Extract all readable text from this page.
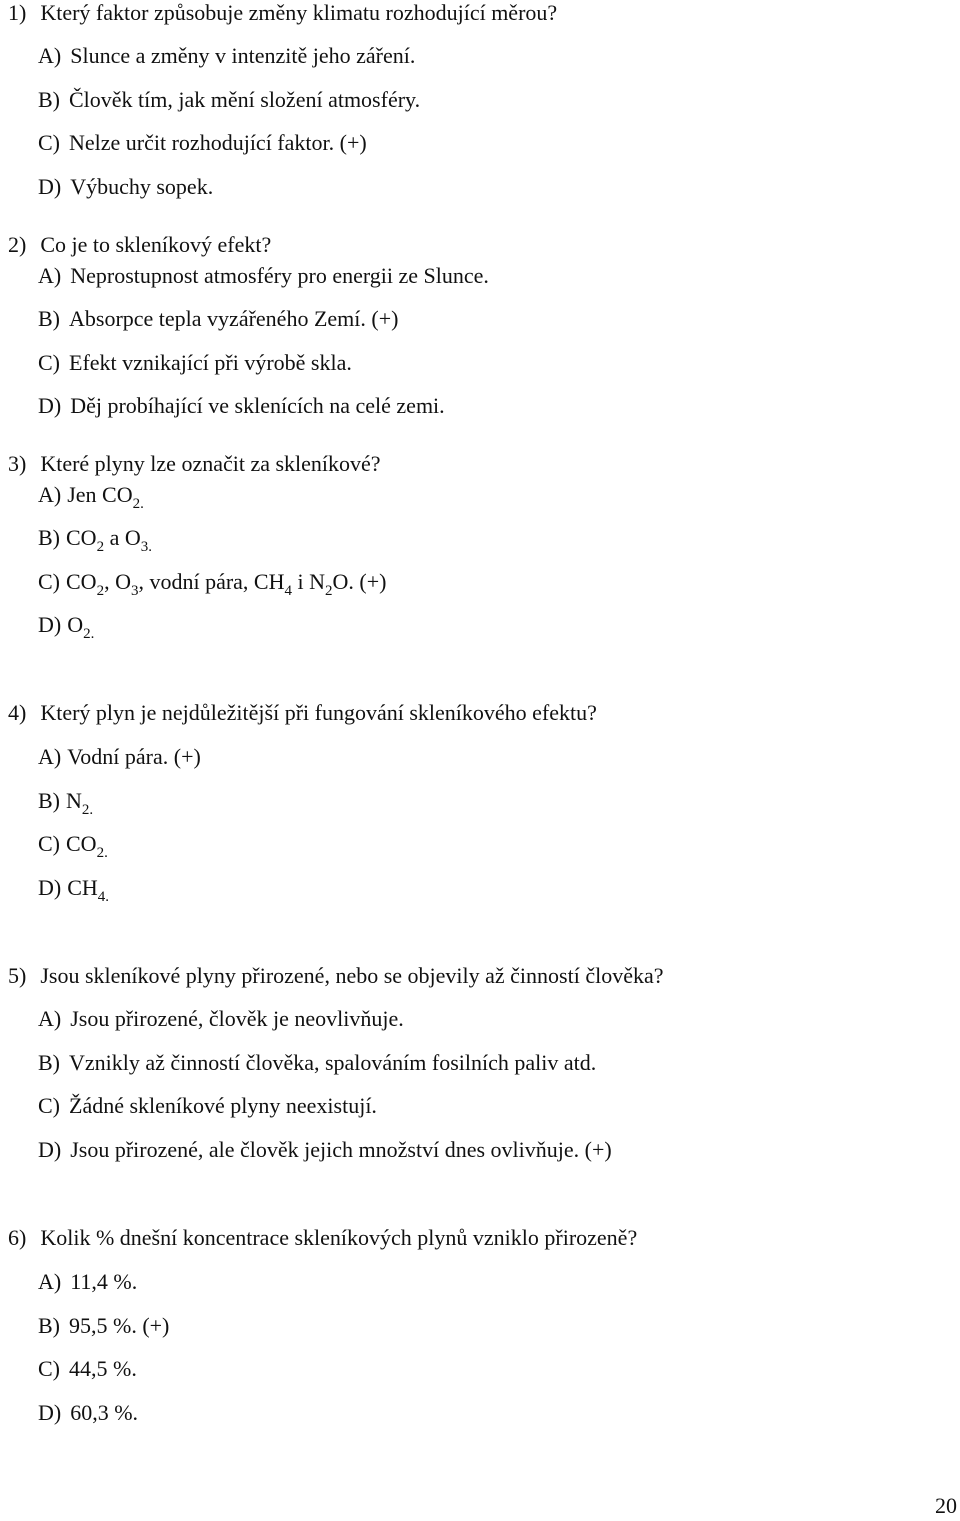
1) Který faktor způsobuje změny klimatu rozhodující měrou?
A) Slunce a změny v intenzitě jeho záření.
B) Člověk tím, jak mění složení atmosféry.
C) Nelze určit rozhodující faktor. (+)
D) Výbuchy sopek.
2) Co je to skleníkový efekt?
A) Neprostupnost atmosféry pro energii ze Slunce.
B) Absorpce tepla vyzářeného Zemí. (+)
C) Efekt vznikající při výrobě skla.
D) Děj probíhající ve sklenících na celé zemi.
3) Které plyny lze označit za skleníkové?
A) Jen $CO_{2.}$
B) $CO_2$ a $O_{3.}$
C) $CO_2$, $O_3$, vodní pára, $CH_4$ i $N_2O$. (+)
D) $O_{2.}$
4) Který plyn je nejdůležitější při fungování skleníkového efektu?
A) Vodní pára. (+)
B) $N_{2.}$
C) $CO_{2.}$
D) $CH_{4.}$
5) Jsou skleníkové plyny přirozené, nebo se objevily až činností člověka?
A) Jsou přirozené, člověk je neovlivňuje.
B) Vznikly až činností člověka, spalováním fosilních paliv atd.
C) Žádné skleníkové plyny neexistují.
D) Jsou přirozené, ale člověk jejich množství dnes ovlivňuje. (+)
6) Kolik % dnešní koncentrace skleníkových plynů vzniklo přirozeně?
A) 11,4 %.
B) 95,5 %. (+)
C) 44,5 %.
D) 60,3 %.
20
